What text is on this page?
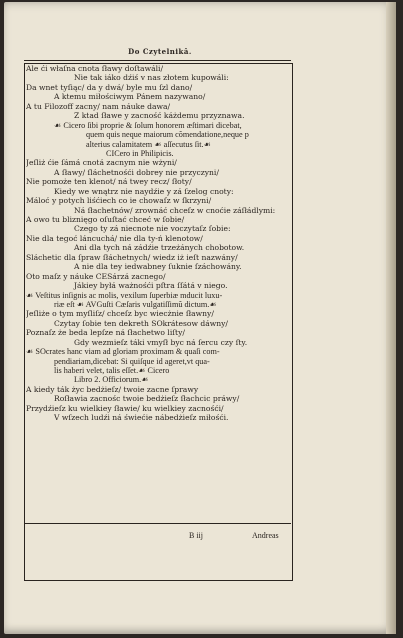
Do Czytelnikâ.
Ale ći właſna cnota ſławy doſtawáli/
Nie tak iáko dźiś v nas złotem kupowáli:
Da wnet tyſiąc/ da y dwá/ byle mu ſzl dano/
A ktemu miłościwym Pánem nazywano/
A tu Filozoff zacny/ nam náuke dawa/
Z ktad ſławe y zacność káżdemu przyznawa.
☙ Cicero ſibi proprie & ſolum honorem æſtimari dicebat,
quem quis neque maiorum cõmendatione,neque p
alterius calamitatem ☙ aſſecutus ſit.☙
CICero in Philipicis.
Jeſliż ćie ſámá cnotá zacnym nie wżyni/
A ſławy/ ſláchetnośći dobrey nie przyczyni/
Nie pomoże ten klenot/ ná twey recz/ ſłoty/
Kiedy we wnątrz nie naydźie y zá ſzelog cnoty:
Máloć y potych liśćiech co ie chowaſz w ſkrzyni/
Ná ſłachetnów/ zrownáć chceſz w cnoćie záſłádlymi:
A owo tu bliznięgo oſuſtać chceć w ſobie/
Czego ty zá niecnote nie voczytaſz ſobie:
Nie dla tegoć láncuchá/ nie dla ty-ń klenotow/
Ani dla tych ná zádźie trzeżánych chobotow.
Sláchetic dla ſpraw ſłáchetnych/ wiedz iż ieſt nazwány/
A nie dla tey iedwabney ſuknie ſzáchowány.
Oto maſz y náuke CESárzá zacnego/
Jákiey byłá ważnośći pſtra ſſátá v niego.
☙ Veſtitus inſignis ac molis, vexilum ſuperbiæ mducit luxu-
riæ eſt ☙ AVGuſti Cæſaris vulgatiſſimũ dictum.☙
Jeſliże o tym myſliſz/ chceſz byc wiecżnie ſławny/
Czytay ſobie ten dekreth SOkrátesow dáwny/
Poznaſz że beda lepſze ná ſłachetwo liſty/
Gdy wezmieſz táki vmyſł byc ná ſercu czy ſty.
☙ SOcrates hanc viam ad gloriam proximam & quaſi com-
pendiariam,dicebat: Si quiſque id ageret,vt qua-
lis haberi velet, talis eſſet.☙ Cicero
Libro 2. Officiorum.☙
A kiedy ták życ bedżieſz/ twoie zacne ſprawy
Roſławia zacnośc twoie bedżieſz ſłachcic práwy/
Przydźieſz ku wielkiey ſławie/ ku wielkiey zacnośći/
V wſzech ludźi ná świećie nábedżieſz miłośći.
B iij	Andreas
